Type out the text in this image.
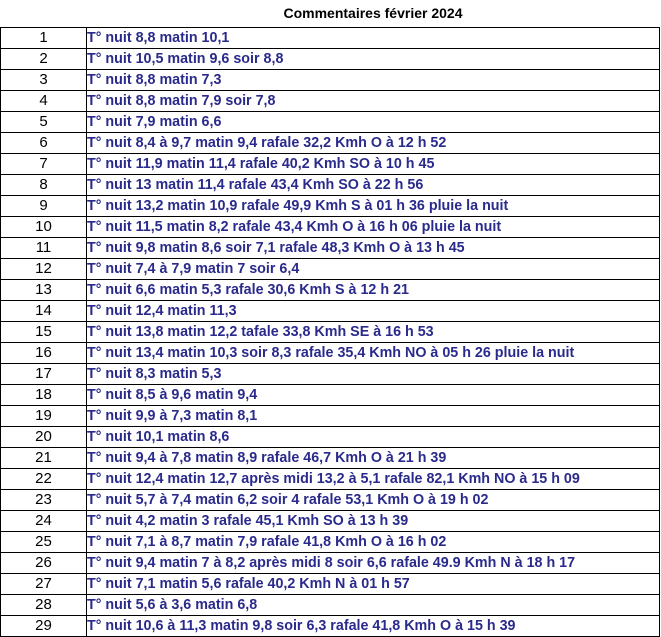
	Commentaires février 2024
1	T° nuit 8,8 matin 10,1
2	T° nuit 10,5 matin 9,6 soir 8,8
3	T° nuit 8,8 matin 7,3
4	T° nuit 8,8 matin 7,9 soir 7,8
5	T° nuit 7,9 matin 6,6
6	T° nuit 8,4 à 9,7 matin 9,4 rafale 32,2 Kmh O à 12 h 52
7	T° nuit 11,9 matin 11,4 rafale 40,2 Kmh SO à 10 h 45
8	T° nuit 13 matin 11,4 rafale 43,4 Kmh SO à 22 h 56
9	T° nuit 13,2 matin 10,9 rafale 49,9 Kmh S à 01 h 36 pluie la nuit
10	T° nuit 11,5 matin 8,2 rafale 43,4 Kmh O à 16 h 06 pluie la nuit
11	T° nuit 9,8 matin 8,6 soir 7,1 rafale 48,3 Kmh O à 13 h 45
12	T° nuit 7,4 à 7,9 matin 7 soir 6,4
13	T° nuit 6,6 matin 5,3 rafale 30,6 Kmh S à 12 h 21
14	T° nuit 12,4 matin 11,3
15	T° nuit 13,8 matin 12,2 tafale 33,8 Kmh SE à 16 h 53
16	T° nuit 13,4 matin 10,3 soir 8,3 rafale 35,4 Kmh NO à 05 h 26 pluie la nuit
17	T° nuit 8,3 matin 5,3
18	T° nuit 8,5 à 9,6 matin 9,4
19	T° nuit 9,9 à 7,3 matin 8,1
20	T° nuit 10,1 matin 8,6
21	T° nuit 9,4 à 7,8 matin 8,9 rafale 46,7 Kmh O à 21 h 39
22	T° nuit 12,4 matin 12,7 après midi 13,2 à 5,1 rafale 82,1 Kmh NO à 15 h 09
23	T° nuit 5,7 à 7,4 matin 6,2 soir 4 rafale 53,1 Kmh O à 19 h 02
24	T° nuit 4,2 matin 3 rafale 45,1 Kmh SO à 13 h 39
25	T° nuit 7,1 à 8,7 matin 7,9 rafale 41,8 Kmh O à 16 h 02
26	T° nuit 9,4 matin 7 à 8,2 après midi 8 soir 6,6 rafale 49.9 Kmh N à 18 h 17
27	T° nuit 7,1 matin 5,6 rafale 40,2 Kmh N à 01 h 57
28	T° nuit 5,6 à 3,6 matin 6,8
29	T° nuit 10,6 à 11,3 matin 9,8 soir 6,3 rafale 41,8 Kmh O à 15 h 39
